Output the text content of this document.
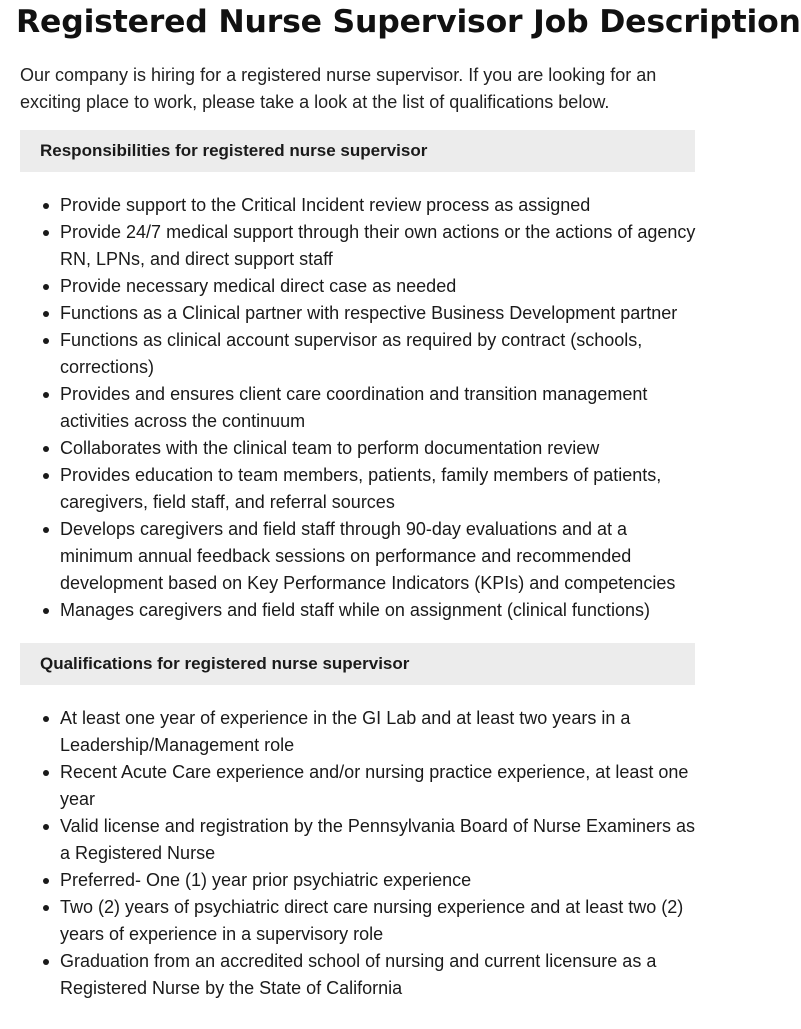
Registered Nurse Supervisor Job Description

Our company is hiring for a registered nurse supervisor. If you are looking for an exciting place to work, please take a look at the list of qualifications below.

Responsibilities for registered nurse supervisor
Provide support to the Critical Incident review process as assigned
Provide 24/7 medical support through their own actions or the actions of agency RN, LPNs, and direct support staff
Provide necessary medical direct case as needed
Functions as a Clinical partner with respective Business Development partner
Functions as clinical account supervisor as required by contract (schools, corrections)
Provides and ensures client care coordination and transition management activities across the continuum
Collaborates with the clinical team to perform documentation review
Provides education to team members, patients, family members of patients, caregivers, field staff, and referral sources
Develops caregivers and field staff through 90-day evaluations and at a minimum annual feedback sessions on performance and recommended development based on Key Performance Indicators (KPIs) and competencies
Manages caregivers and field staff while on assignment (clinical functions)
Qualifications for registered nurse supervisor
At least one year of experience in the GI Lab and at least two years in a Leadership/Management role
Recent Acute Care experience and/or nursing practice experience, at least one year
Valid license and registration by the Pennsylvania Board of Nurse Examiners as a Registered Nurse
Preferred- One (1) year prior psychiatric experience
Two (2) years of psychiatric direct care nursing experience and at least two (2) years of experience in a supervisory role
Graduation from an accredited school of nursing and current licensure as a Registered Nurse by the State of California
